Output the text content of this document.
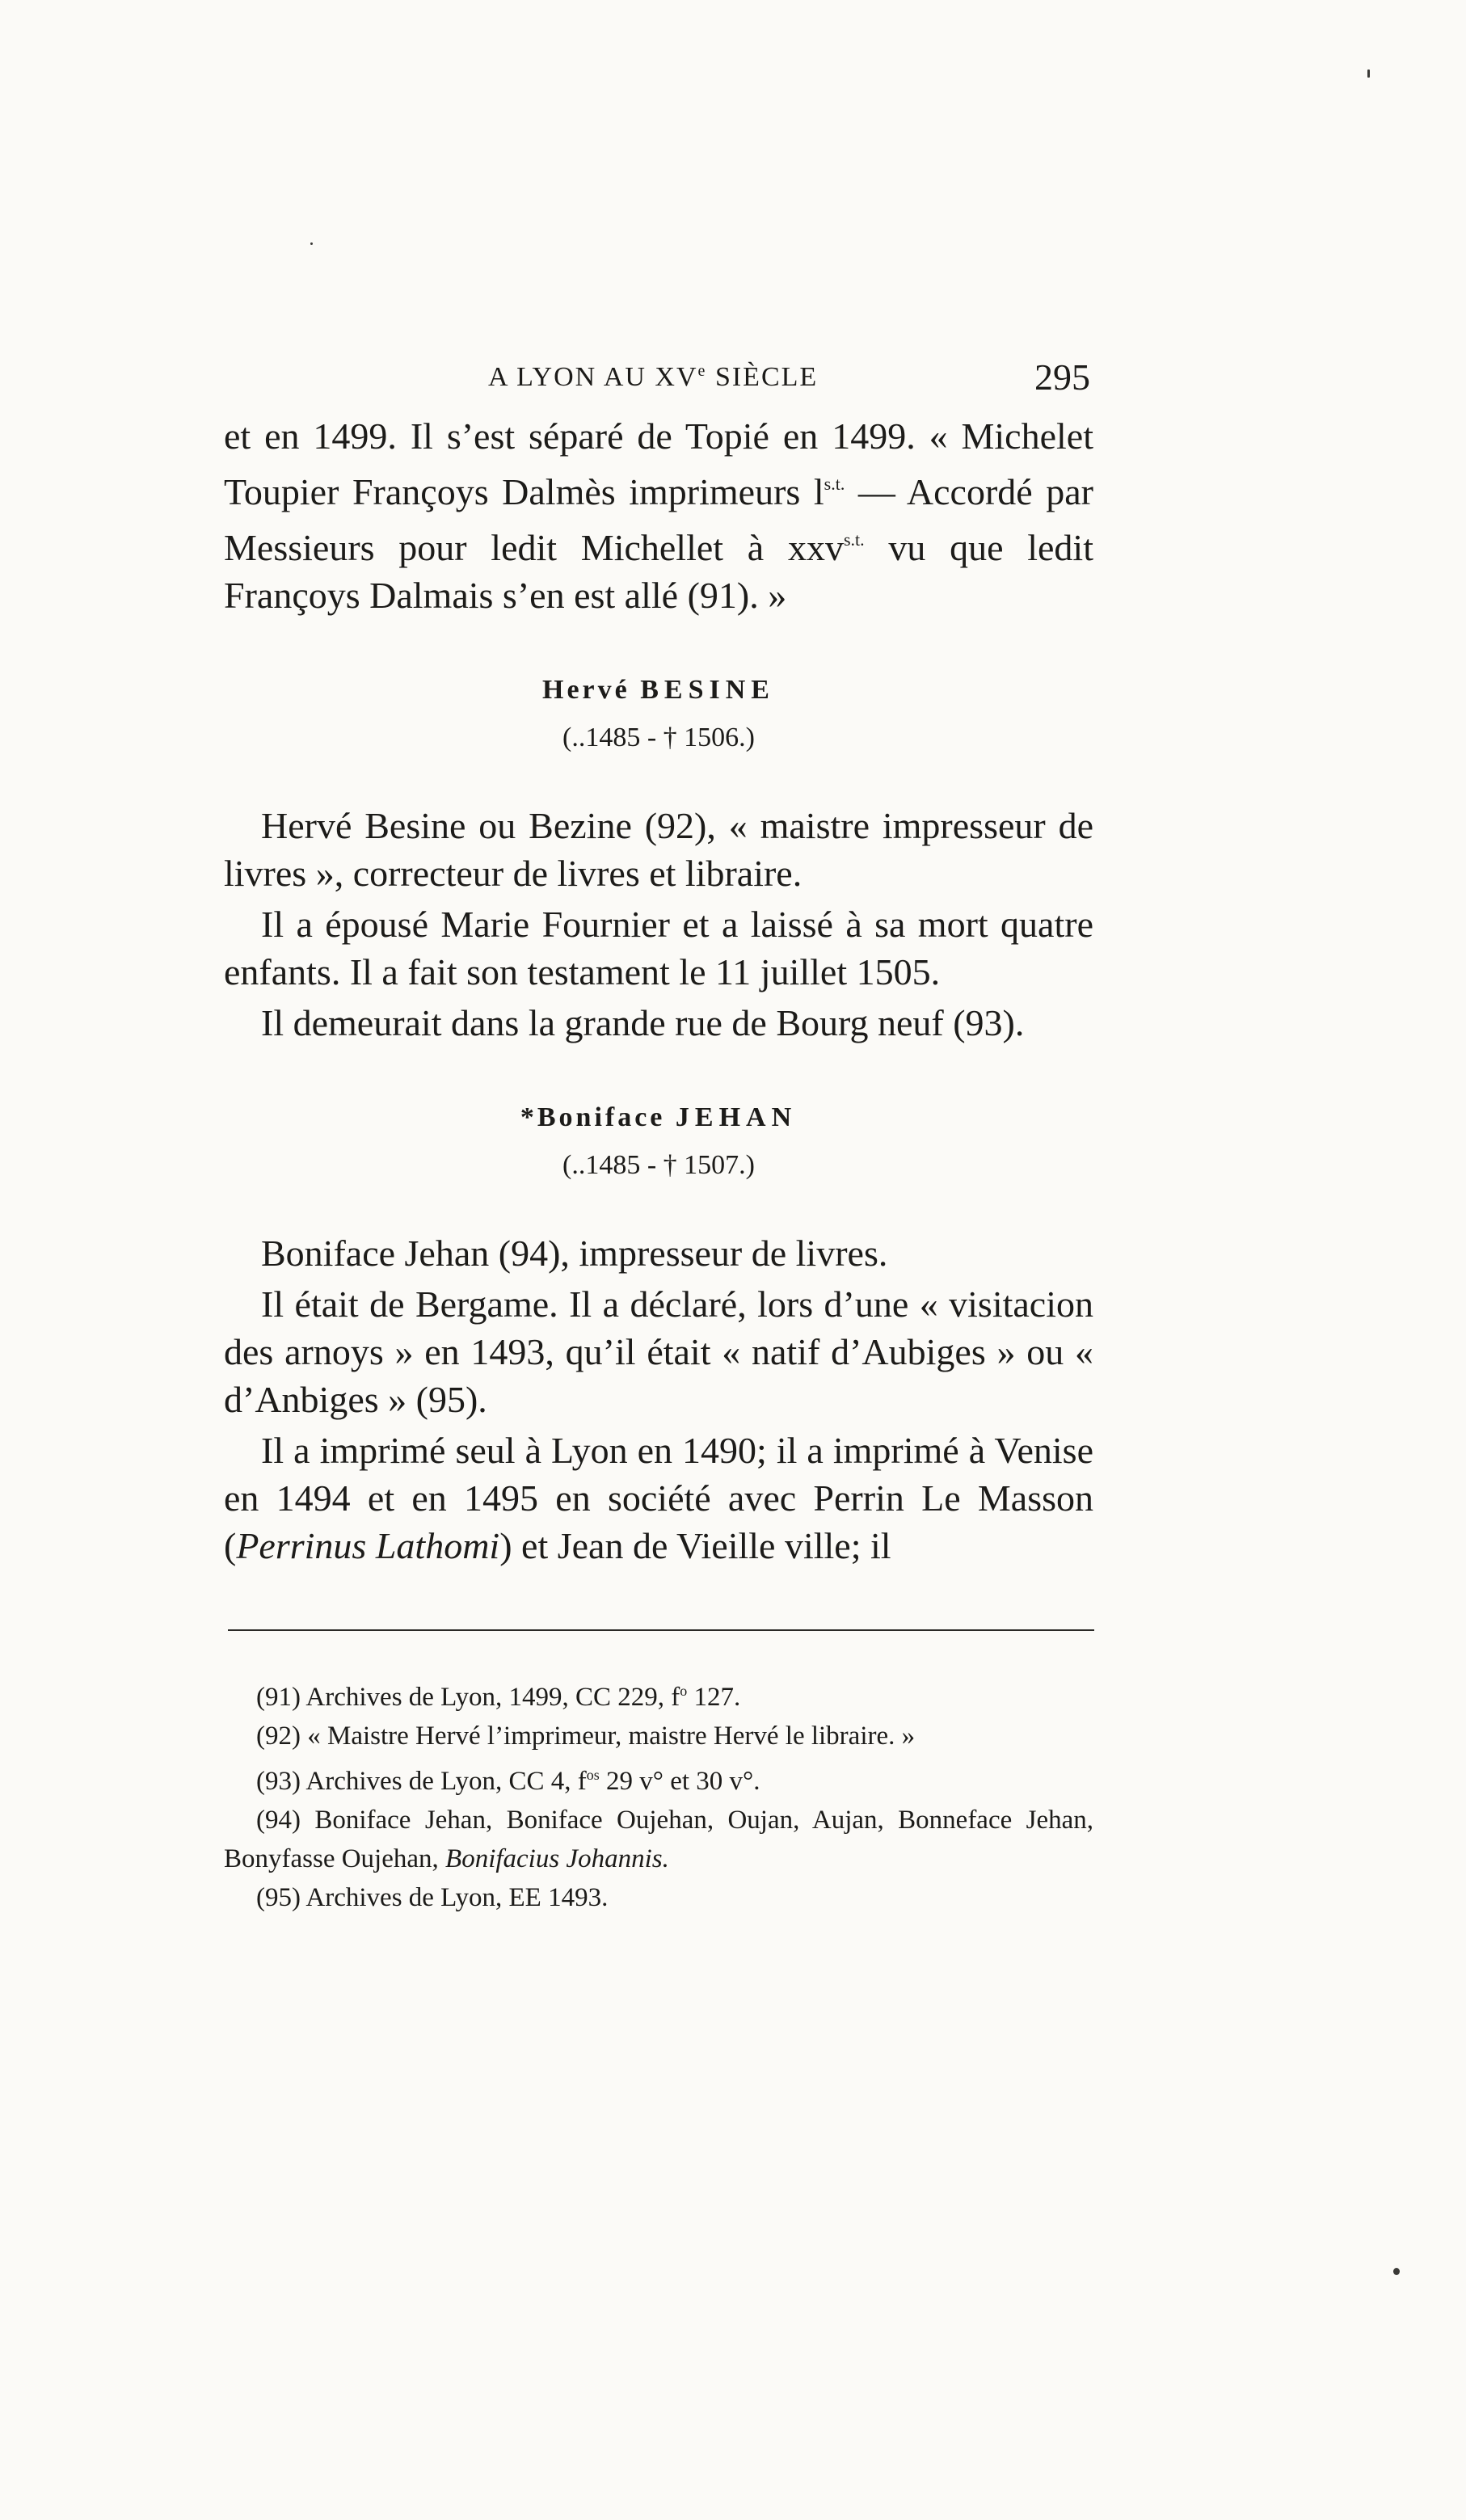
A LYON AU XVe SIÈCLE	295

et en 1499. Il s’est séparé de Topié en 1499. « Michelet Toupier Françoys Dalmès imprimeurs $l^{s.t.}$ — Accordé par Messieurs pour ledit Michellet à xxv$^{s.t.}$ vu que ledit Françoys Dalmais s’en est allé (91). »

Hervé BESINE
(..1485 - † 1506.)

Hervé Besine ou Bezine (92), « maistre impresseur de livres », correcteur de livres et libraire.

Il a épousé Marie Fournier et a laissé à sa mort quatre enfants. Il a fait son testament le 11 juillet 1505.

Il demeurait dans la grande rue de Bourg neuf (93).

*Boniface JEHAN
(..1485 - † 1507.)

Boniface Jehan (94), impresseur de livres.

Il était de Bergame. Il a déclaré, lors d’une « visitacion des arnoys » en 1493, qu’il était « natif d’Aubiges » ou « d’Anbiges » (95).

Il a imprimé seul à Lyon en 1490; il a imprimé à Venise en 1494 et en 1495 en société avec Perrin Le Masson (Perrinus Lathomi) et Jean de Vieille ville; il

(91) Archives de Lyon, 1499, CC 229, f$^o$ 127.
(92) « Maistre Hervé l’imprimeur, maistre Hervé le libraire. »
(93) Archives de Lyon, CC 4, f$^{os}$ 29 v° et 30 v°.
(94) Boniface Jehan, Boniface Oujehan, Oujan, Aujan, Bonneface Jehan, Bonyfasse Oujehan, Bonifacius Johannis.
(95) Archives de Lyon, EE 1493.
